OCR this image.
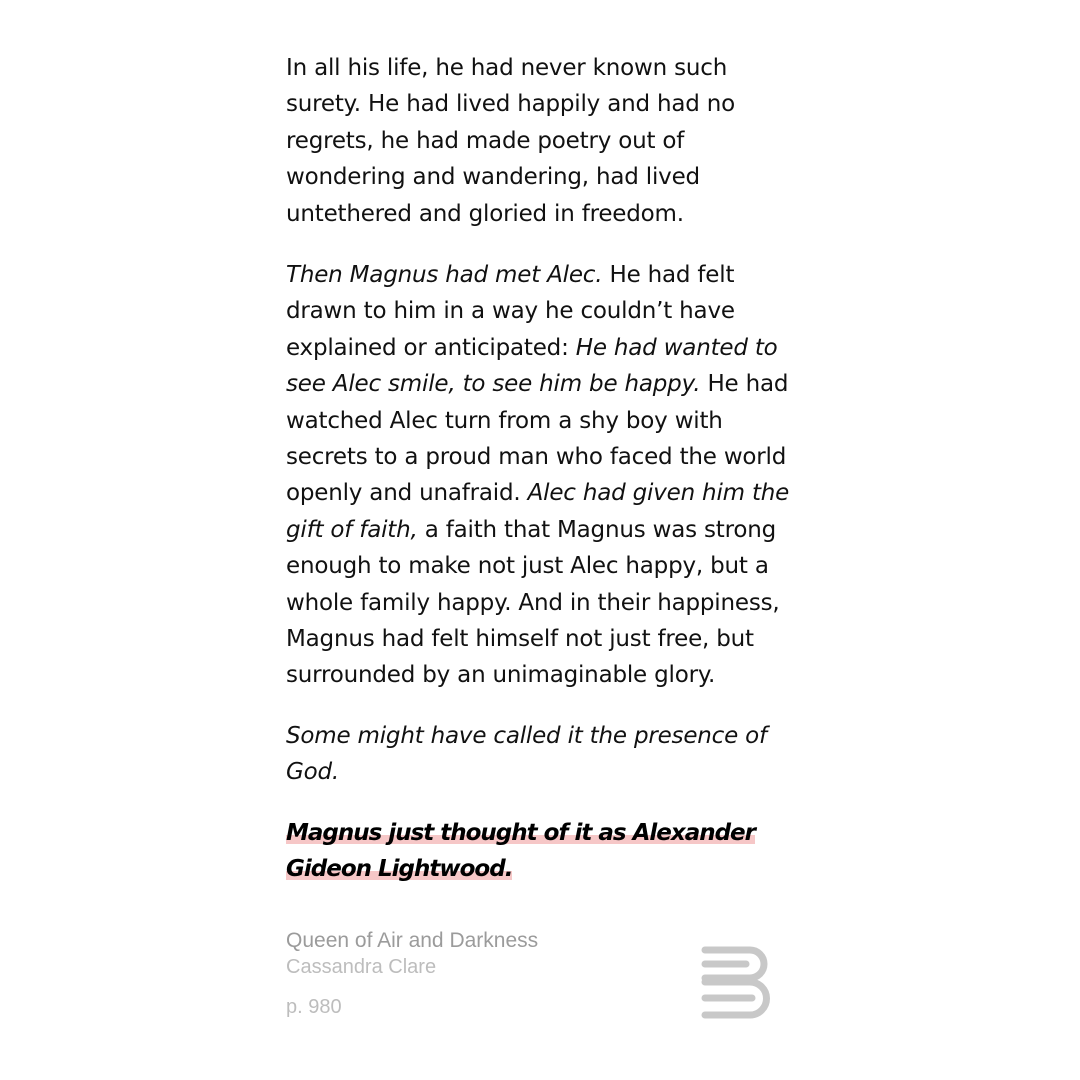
In all his life, he had never known such surety. He had lived happily and had no regrets, he had made poetry out of wondering and wandering, had lived untethered and gloried in freedom.

Then Magnus had met Alec. He had felt drawn to him in a way he couldn’t have explained or anticipated: He had wanted to see Alec smile, to see him be happy. He had watched Alec turn from a shy boy with secrets to a proud man who faced the world openly and unafraid. Alec had given him the gift of faith, a faith that Magnus was strong enough to make not just Alec happy, but a whole family happy. And in their happiness, Magnus had felt himself not just free, but surrounded by an unimaginable glory.

Some might have called it the presence of God.

Magnus just thought of it as Alexander Gideon Lightwood.

Queen of Air and Darkness
Cassandra Clare
p. 980
